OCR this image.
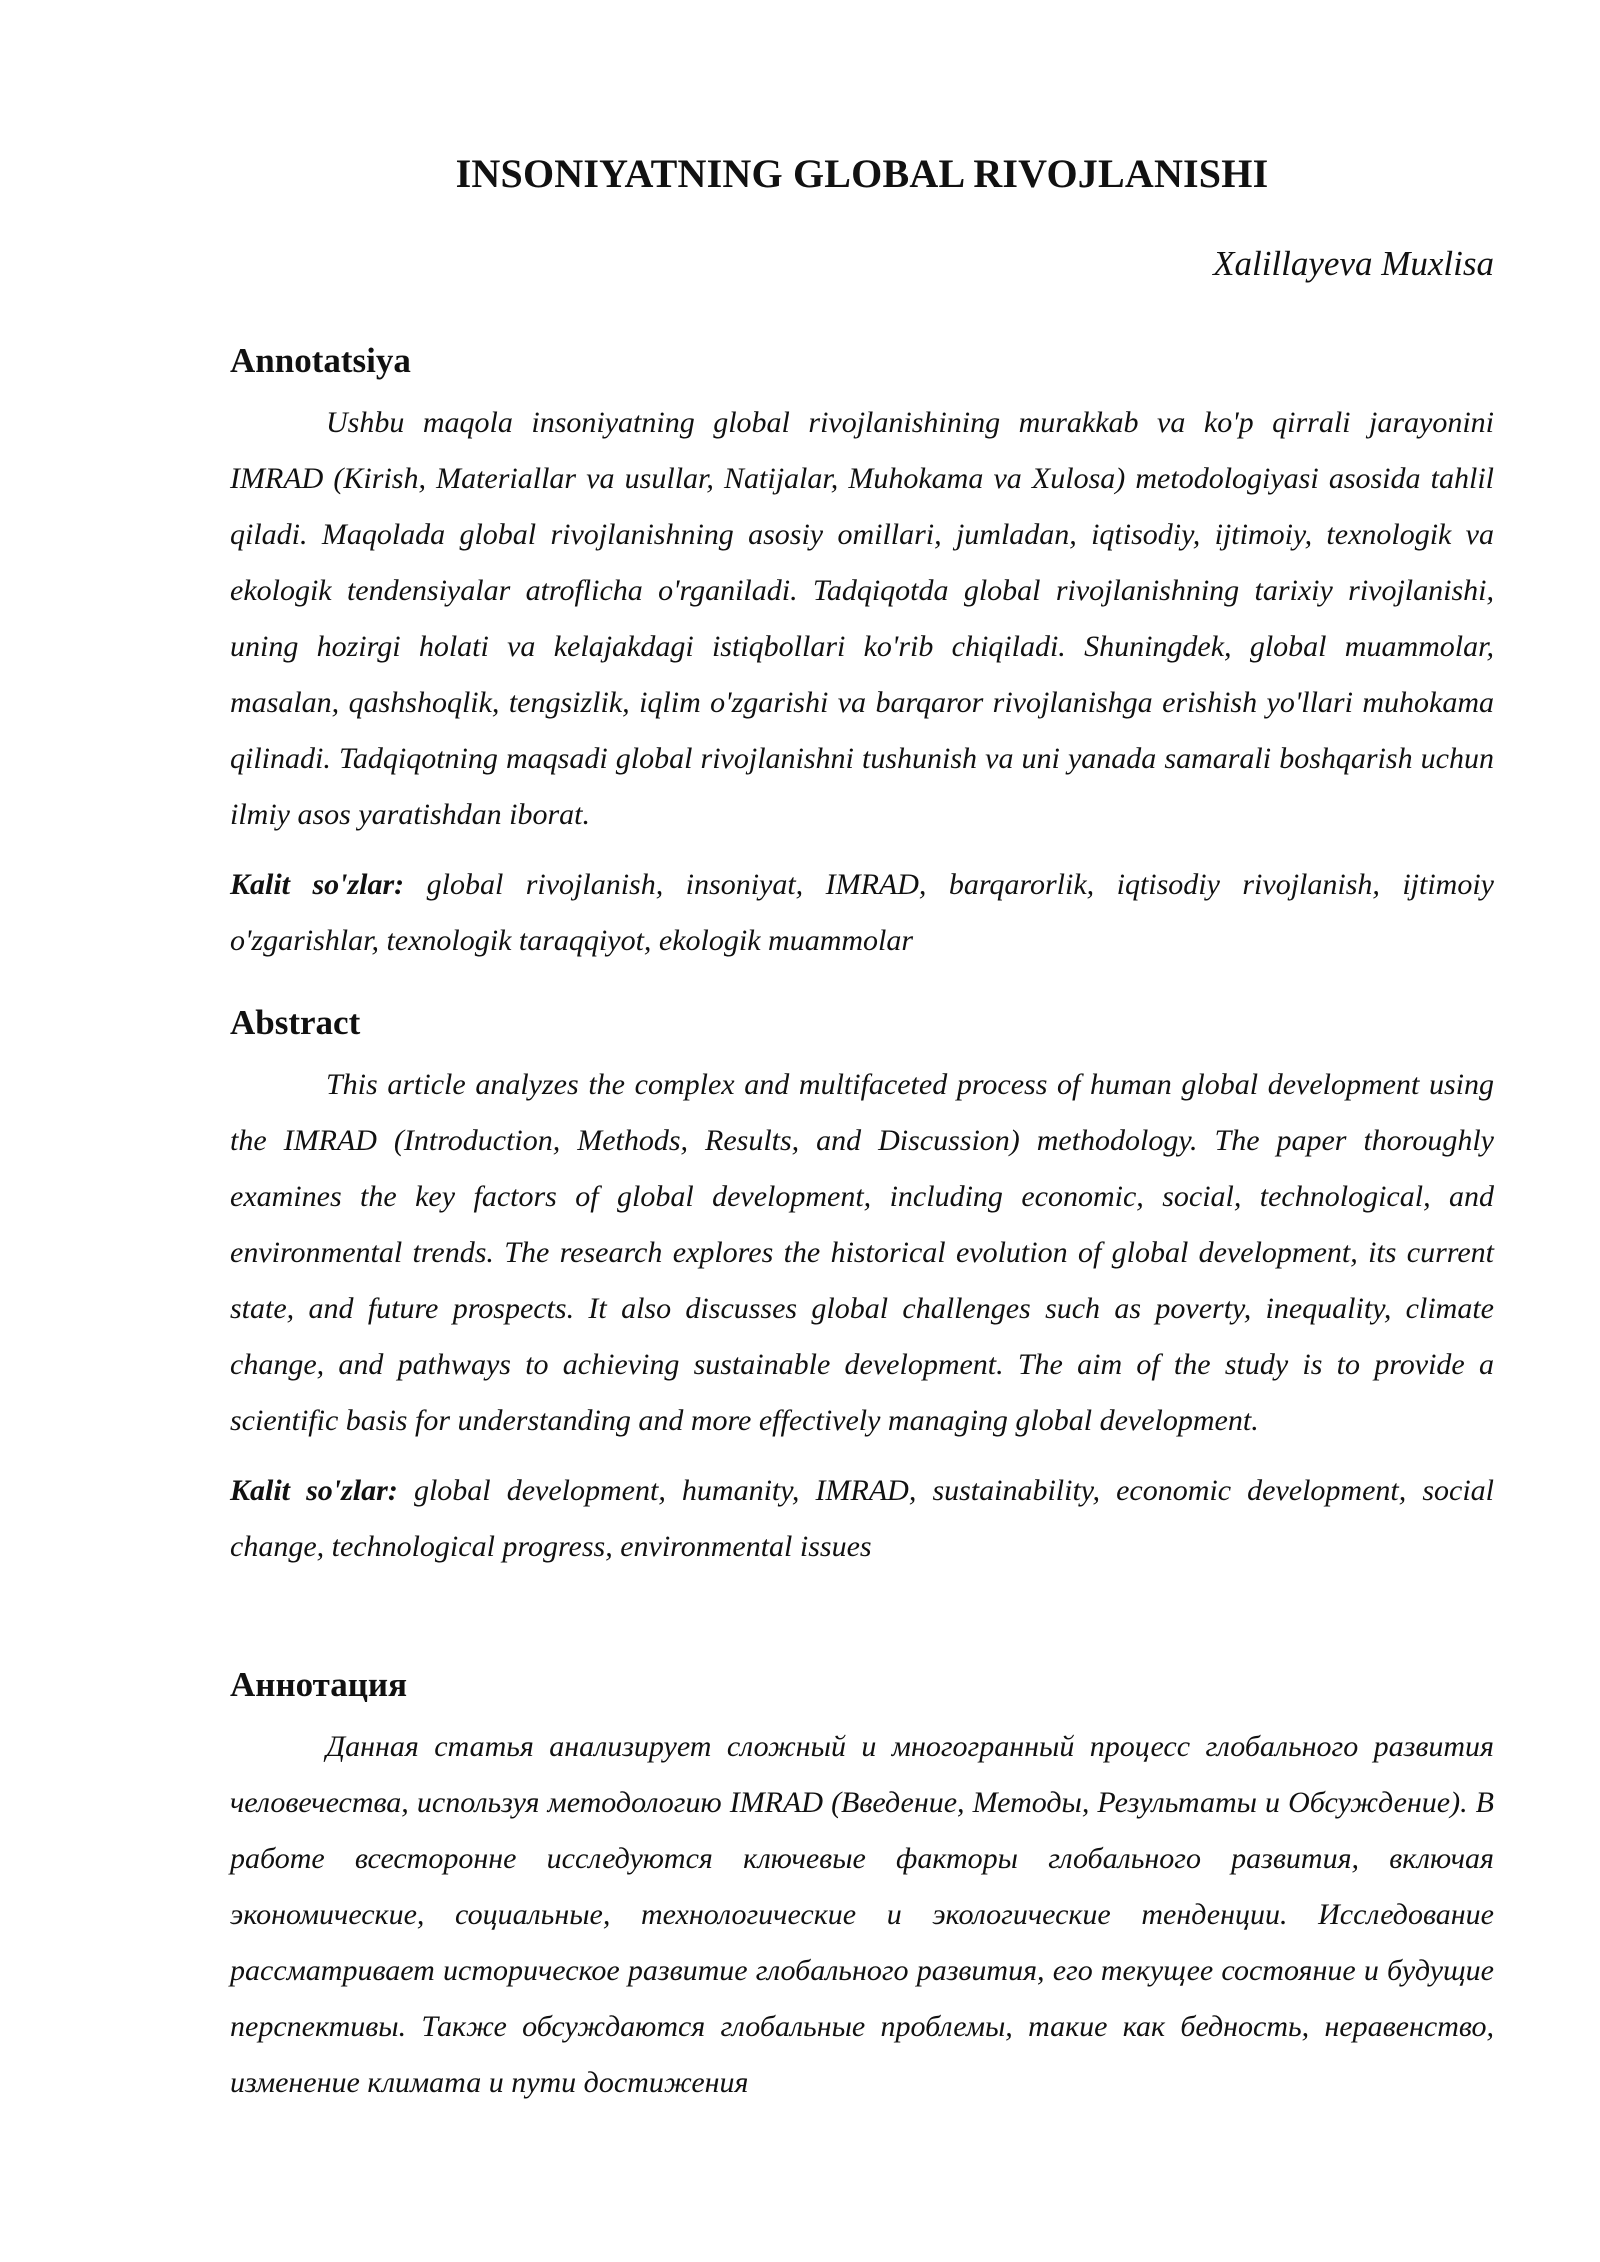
INSONIYATNING GLOBAL RIVOJLANISHI

Xalillayeva Muxlisa

Annotatsiya

Ushbu maqola insoniyatning global rivojlanishining murakkab va ko'p qirrali jarayonini IMRAD (Kirish, Materiallar va usullar, Natijalar, Muhokama va Xulosa) metodologiyasi asosida tahlil qiladi. Maqolada global rivojlanishning asosiy omillari, jumladan, iqtisodiy, ijtimoiy, texnologik va ekologik tendensiyalar atroflicha o'rganiladi. Tadqiqotda global rivojlanishning tarixiy rivojlanishi, uning hozirgi holati va kelajakdagi istiqbollari ko'rib chiqiladi. Shuningdek, global muammolar, masalan, qashshoqlik, tengsizlik, iqlim o'zgarishi va barqaror rivojlanishga erishish yo'llari muhokama qilinadi. Tadqiqotning maqsadi global rivojlanishni tushunish va uni yanada samarali boshqarish uchun ilmiy asos yaratishdan iborat.

Kalit so'zlar: global rivojlanish, insoniyat, IMRAD, barqarorlik, iqtisodiy rivojlanish, ijtimoiy o'zgarishlar, texnologik taraqqiyot, ekologik muammolar

Abstract

This article analyzes the complex and multifaceted process of human global development using the IMRAD (Introduction, Methods, Results, and Discussion) methodology. The paper thoroughly examines the key factors of global development, including economic, social, technological, and environmental trends. The research explores the historical evolution of global development, its current state, and future prospects. It also discusses global challenges such as poverty, inequality, climate change, and pathways to achieving sustainable development. The aim of the study is to provide a scientific basis for understanding and more effectively managing global development.

Kalit so'zlar: global development, humanity, IMRAD, sustainability, economic development, social change, technological progress, environmental issues

Аннотация

Данная статья анализирует сложный и многогранный процесс глобального развития человечества, используя методологию IMRAD (Введение, Методы, Результаты и Обсуждение). В работе всесторонне исследуются ключевые факторы глобального развития, включая экономические, социальные, технологические и экологические тенденции. Исследование рассматривает историческое развитие глобального развития, его текущее состояние и будущие перспективы. Также обсуждаются глобальные проблемы, такие как бедность, неравенство, изменение климата и пути достижения
